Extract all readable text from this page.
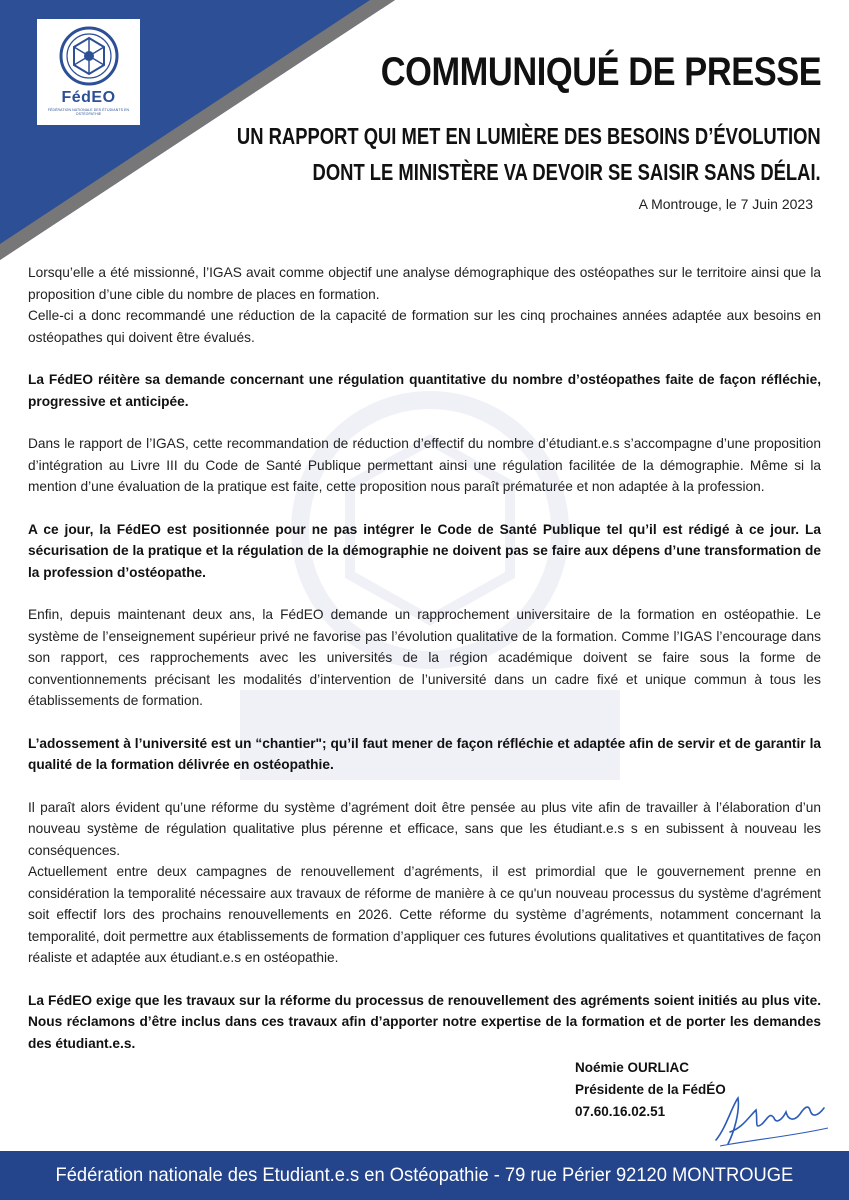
FédEO
FÉDÉRATION NATIONALE DES ÉTUDIANTS EN OSTÉOPATHIE
COMMUNIQUÉ DE PRESSE
UN RAPPORT QUI MET EN LUMIÈRE DES BESOINS D’ÉVOLUTION
DONT LE MINISTÈRE VA DEVOIR SE SAISIR SANS DÉLAI.
A Montrouge, le 7 Juin 2023

Lorsqu’elle a été missionné, l’IGAS avait comme objectif une analyse démographique des ostéopathes sur le territoire ainsi que la proposition d’une cible du nombre de places en formation.

Celle-ci a donc recommandé une réduction de la capacité de formation sur les cinq prochaines années adaptée aux besoins en ostéopathes qui doivent être évalués.

La FédEO réitère sa demande concernant une régulation quantitative du nombre d’ostéopathes faite de façon réfléchie, progressive et anticipée.

Dans le rapport de l’IGAS, cette recommandation de réduction d’effectif du nombre d’étudiant.e.s s’accompagne d’une proposition d’intégration au Livre III du Code de Santé Publique permettant ainsi une régulation facilitée de la démographie. Même si la mention d’une évaluation de la pratique est faite, cette proposition nous paraît prématurée et non adaptée à la profession.

A ce jour, la FédEO est positionnée pour ne pas intégrer le Code de Santé Publique tel qu’il est rédigé à ce jour. La sécurisation de la pratique et la régulation de la démographie ne doivent pas se faire aux dépens d’une transformation de la profession d’ostéopathe.

Enfin, depuis maintenant deux ans, la FédEO demande un rapprochement universitaire de la formation en ostéopathie. Le système de l’enseignement supérieur privé ne favorise pas l’évolution qualitative de la formation. Comme l’IGAS l’encourage dans son rapport, ces rapprochements avec les universités de la région académique doivent se faire sous la forme de conventionnements précisant les modalités d’intervention de l’université dans un cadre fixé et unique commun à tous les établissements de formation.

L’adossement à l’université est un “chantier"; qu’il faut mener de façon réfléchie et adaptée afin de servir et de garantir la qualité de la formation délivrée en ostéopathie.

Il paraît alors évident qu’une réforme du système d’agrément doit être pensée au plus vite afin de travailler à l’élaboration d’un nouveau système de régulation qualitative plus pérenne et efficace, sans que les étudiant.e.s s en subissent à nouveau les conséquences.

Actuellement entre deux campagnes de renouvellement d’agréments, il est primordial que le gouvernement prenne en considération la temporalité nécessaire aux travaux de réforme de manière à ce qu'un nouveau processus du système d'agrément soit effectif lors des prochains renouvellements en 2026. Cette réforme du système d’agréments, notamment concernant la temporalité, doit permettre aux établissements de formation d’appliquer ces futures évolutions qualitatives et quantitatives de façon réaliste et adaptée aux étudiant.e.s en ostéopathie.

La FédEO exige que les travaux sur la réforme du processus de renouvellement des agréments soient initiés au plus vite. Nous réclamons d’être inclus dans ces travaux afin d’apporter notre expertise de la formation et de porter les demandes des étudiant.e.s.

Noémie OURLIAC
Présidente de la FédÉO
07.60.16.02.51
Fédération nationale des Etudiant.e.s en Ostéopathie - 79 rue Périer 92120 MONTROUGE
